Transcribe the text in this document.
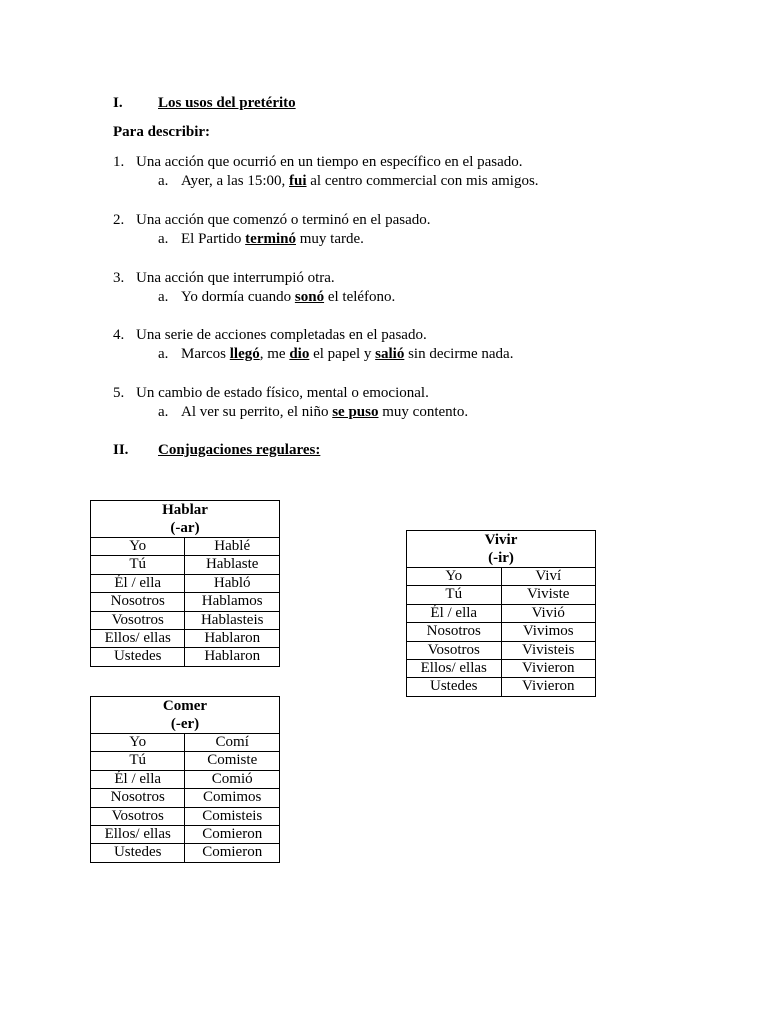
I. Los usos del pretérito
Para describir:
1. Una acción que ocurrió en un tiempo en específico en el pasado.
a. Ayer, a las 15:00, fui al centro commercial con mis amigos.
2. Una acción que comenzó o terminó en el pasado.
a. El Partido terminó muy tarde.
3. Una acción que interrumpió otra.
a. Yo dormía cuando sonó el teléfono.
4. Una serie de acciones completadas en el pasado.
a. Marcos llegó, me dio el papel y salió sin decirme nada.
5. Un cambio de estado físico, mental o emocional.
a. Al ver su perrito, el niño se puso muy contento.
II. Conjugaciones regulares:
Hablar
(-ar)	

Yo	Hablé
Tú	Hablaste
Él / ella	Habló
Nosotros	Hablamos
Vosotros	Hablasteis
Ellos/ ellas	Hablaron
Ustedes	Hablaron
Comer
(-er)	

Yo	Comí
Tú	Comiste
Él / ella	Comió
Nosotros	Comimos
Vosotros	Comisteis
Ellos/ ellas	Comieron
Ustedes	Comieron
Vivir
(-ir)	

Yo	Viví
Tú	Viviste
Él / ella	Vivió
Nosotros	Vivimos
Vosotros	Vivisteis
Ellos/ ellas	Vivieron
Ustedes	Vivieron
